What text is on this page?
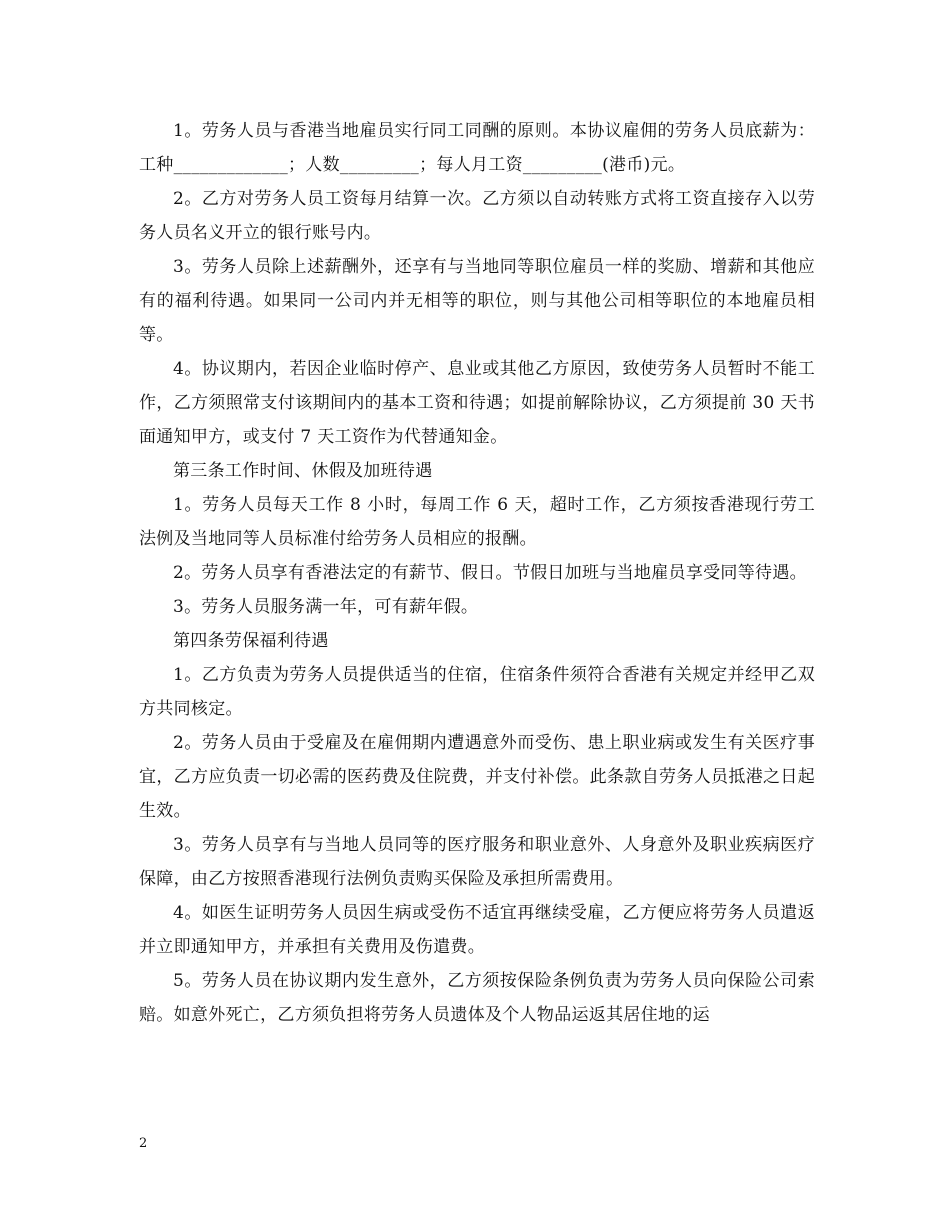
1。劳务人员与香港当地雇员实行同工同酬的原则。本协议雇佣的劳务人员底薪为：工种_____________；人数_________；每人月工资_________(港币)元。

2。乙方对劳务人员工资每月结算一次。乙方须以自动转账方式将工资直接存入以劳务人员名义开立的银行账号内。

3。劳务人员除上述薪酬外，还享有与当地同等职位雇员一样的奖励、增薪和其他应有的福利待遇。如果同一公司内并无相等的职位，则与其他公司相等职位的本地雇员相等。

4。协议期内，若因企业临时停产、息业或其他乙方原因，致使劳务人员暂时不能工作，乙方须照常支付该期间内的基本工资和待遇；如提前解除协议，乙方须提前 30 天书面通知甲方，或支付 7 天工资作为代替通知金。

第三条工作时间、休假及加班待遇

1。劳务人员每天工作 8 小时，每周工作 6 天，超时工作，乙方须按香港现行劳工法例及当地同等人员标准付给劳务人员相应的报酬。

2。劳务人员享有香港法定的有薪节、假日。节假日加班与当地雇员享受同等待遇。

3。劳务人员服务满一年，可有薪年假。

第四条劳保福利待遇

1。乙方负责为劳务人员提供适当的住宿，住宿条件须符合香港有关规定并经甲乙双方共同核定。

2。劳务人员由于受雇及在雇佣期内遭遇意外而受伤、患上职业病或发生有关医疗事宜，乙方应负责一切必需的医药费及住院费，并支付补偿。此条款自劳务人员抵港之日起生效。

3。劳务人员享有与当地人员同等的医疗服务和职业意外、人身意外及职业疾病医疗保障，由乙方按照香港现行法例负责购买保险及承担所需费用。

4。如医生证明劳务人员因生病或受伤不适宜再继续受雇，乙方便应将劳务人员遣返并立即通知甲方，并承担有关费用及伤遣费。

5。劳务人员在协议期内发生意外，乙方须按保险条例负责为劳务人员向保险公司索赔。如意外死亡，乙方须负担将劳务人员遗体及个人物品运返其居住地的运

2
